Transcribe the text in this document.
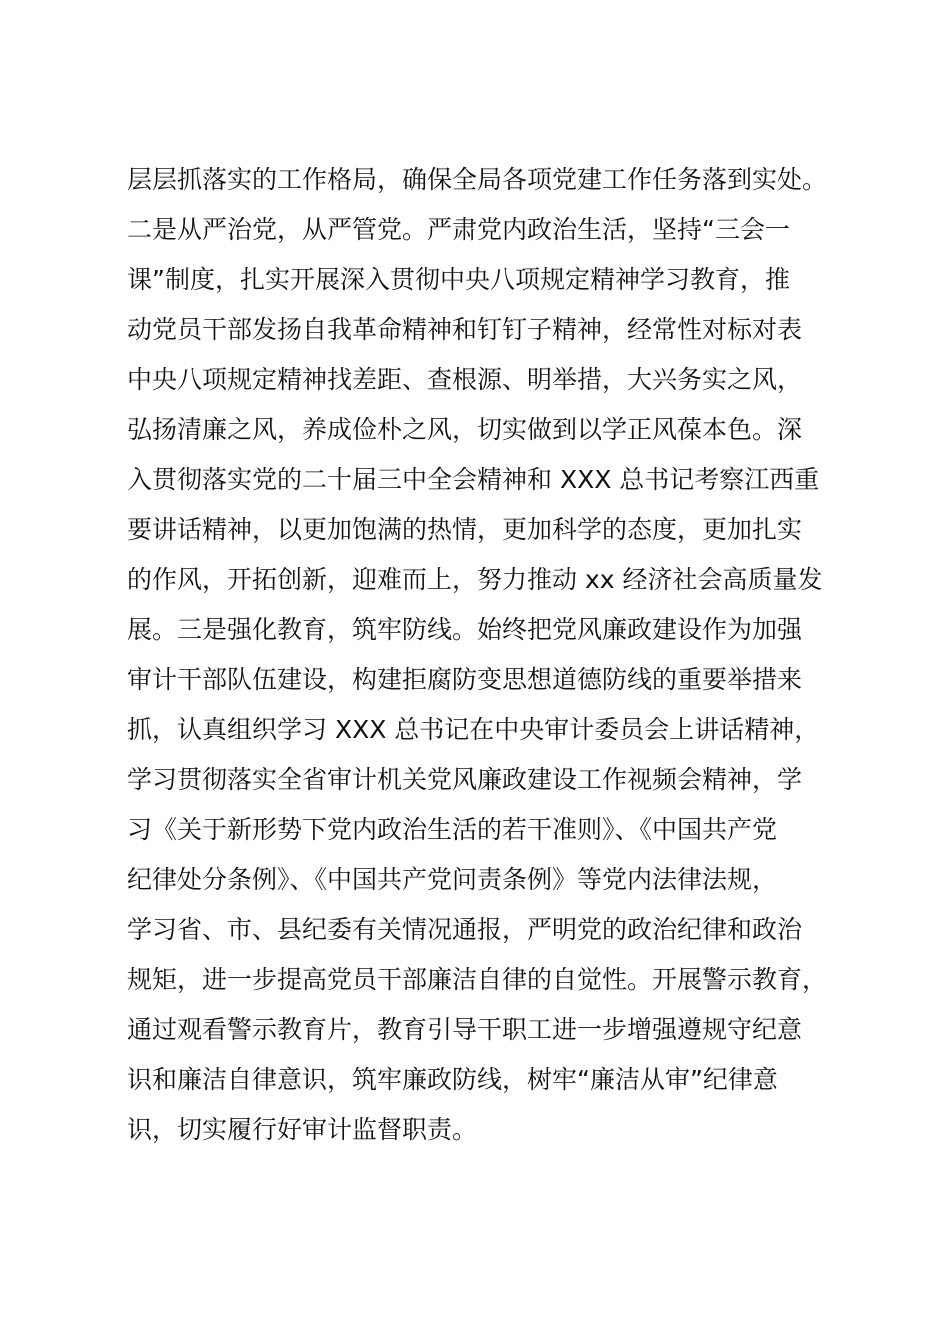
层层抓落实的工作格局，确保全局各项党建工作任务落到实处。
二是从严治党，从严管党。严肃党内政治生活，坚持“三会一
课”制度，扎实开展深入贯彻中央八项规定精神学习教育，推
动党员干部发扬自我革命精神和钉钉子精神，经常性对标对表
中央八项规定精神找差距、查根源、明举措，大兴务实之风，
弘扬清廉之风，养成俭朴之风，切实做到以学正风葆本色。深
入贯彻落实党的二十届三中全会精神和 XXX 总书记考察江西重
要讲话精神，以更加饱满的热情，更加科学的态度，更加扎实
的作风，开拓创新，迎难而上，努力推动 xx 经济社会高质量发
展。三是强化教育，筑牢防线。始终把党风廉政建设作为加强
审计干部队伍建设，构建拒腐防变思想道德防线的重要举措来
抓，认真组织学习 XXX 总书记在中央审计委员会上讲话精神，
学习贯彻落实全省审计机关党风廉政建设工作视频会精神，学
习《关于新形势下党内政治生活的若干准则》、《中国共产党
纪律处分条例》、《中国共产党问责条例》等党内法律法规，
学习省、市、县纪委有关情况通报，严明党的政治纪律和政治
规矩，进一步提高党员干部廉洁自律的自觉性。开展警示教育，
通过观看警示教育片，教育引导干职工进一步增强遵规守纪意
识和廉洁自律意识，筑牢廉政防线，树牢“廉洁从审”纪律意
识，切实履行好审计监督职责。
